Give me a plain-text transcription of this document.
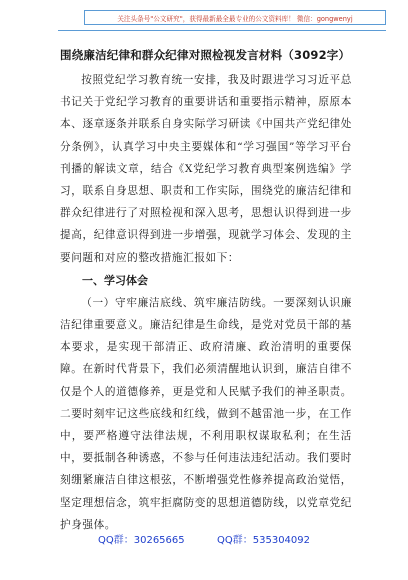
关注头条号"公文研究"，获得最新最全最专业的公文资料库！ 微信：gongwenyj
围绕廉洁纪律和群众纪律对照检视发言材料（3092字）

按照党纪学习教育统一安排，我及时跟进学习习近平总书记关于党纪学习教育的重要讲话和重要指示精神，原原本本、逐章逐条并联系自身实际学习研读《中国共产党纪律处分条例》，认真学习中央主要媒体和“学习强国”等学习平台刊播的解读文章，结合《X党纪学习教育典型案例选编》学习，联系自身思想、职责和工作实际，围绕党的廉洁纪律和群众纪律进行了对照检视和深入思考，思想认识得到进一步提高，纪律意识得到进一步增强，现就学习体会、发现的主要问题和对应的整改措施汇报如下：

一、学习体会

（一）守牢廉洁底线、筑牢廉洁防线。一要深刻认识廉洁纪律重要意义。廉洁纪律是生命线，是党对党员干部的基本要求，是实现干部清正、政府清廉、政治清明的重要保障。在新时代背景下，我们必须清醒地认识到，廉洁自律不仅是个人的道德修养，更是党和人民赋予我们的神圣职责。二要时刻牢记这些底线和红线，做到不越雷池一步，在工作中，要严格遵守法律法规，不利用职权谋取私利；在生活中，要抵制各种诱惑，不参与任何违法违纪活动。我们要时刻绷紧廉洁自律这根弦，不断增强党性修养提高政治觉悟，坚定理想信念，筑牢拒腐防变的思想道德防线，以党章党纪护身强体。

QQ群：30265665	QQ群：535304092
